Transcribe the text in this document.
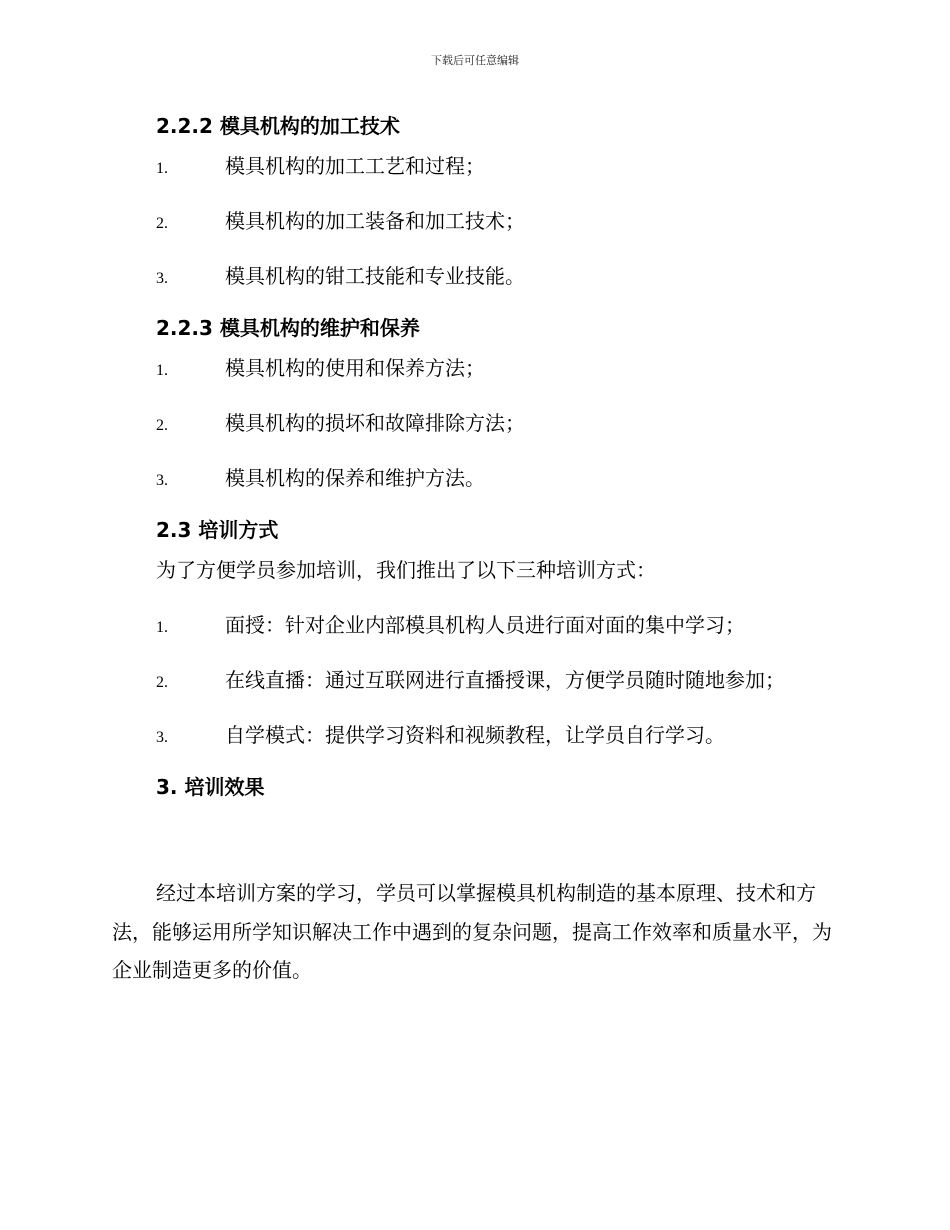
下载后可任意编辑
2.2.2 模具机构的加工技术
1.	模具机构的加工工艺和过程；
2.	模具机构的加工装备和加工技术；
3.	模具机构的钳工技能和专业技能。
2.2.3 模具机构的维护和保养
1.	模具机构的使用和保养方法；
2.	模具机构的损坏和故障排除方法；
3.	模具机构的保养和维护方法。
2.3 培训方式
为了方便学员参加培训，我们推出了以下三种培训方式：
1.	面授：针对企业内部模具机构人员进行面对面的集中学习；
2.	在线直播：通过互联网进行直播授课，方便学员随时随地参加；
3.	自学模式：提供学习资料和视频教程，让学员自行学习。
3. 培训效果

经过本培训方案的学习，学员可以掌握模具机构制造的基本原理、技术和方法，能够运用所学知识解决工作中遇到的复杂问题，提高工作效率和质量水平，为企业制造更多的价值。
